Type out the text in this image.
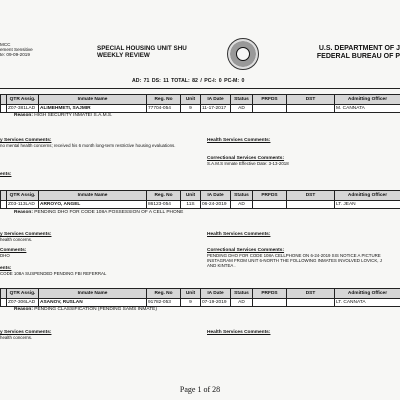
MCC
ement Sensitive
te: 09-09-2019
SPECIAL HOUSING UNIT SHU
WEEKLY REVIEW
U.S. DEPARTMENT OF J
FEDERAL BUREAU OF P
AD: 71 DS: 11 TOTAL: 82 / PC-I: 0 PC-M: 0
	QTR Assig.	Inmate Name	Reg. No	Unit	IA Date	Status	PRFDS	DST	Admitting Officer
	Z07-381LAD	ALIMEHMETI, SAJMIR	77704-054	9	11-17-2017	AD			M. CANNATA
Reason: HIGH SECURITY INMATE/ S.A.M.S.
y Services Comments:
no mental health concerns; received his 6 month long-term restrictive housing evaluations.
Health Services Comments:
Correctional Services Comments:
S.A.M.S Inmate Effective Date: 3-13-2018
ents:
	QTR Assig.	Inmate Name	Reg. No	Unit	IA Date	Status	PRFDS	DST	Admitting Officer
	Z03-113LAD	ARROYO, ANGEL	86123-054	11S	06-24-2019	AD			LT. JEAN
Reason: PENDING DHO FOR CODE 108A POSSESSION OF A CELL PHONE
y Services Comments:
health concerns.
Health Services Comments:
Comments:
DHO
Correctional Services Comments:
PENDING DHO FOR CODE 108A CELLPHONE ON 6-24-2019 SIS NOTICE A PICTURE
INSTAGRAM FROM UNIT 6-NORTH THE FOLLOWING INMATES INVOLVED LOVICK, J
AND KINTEA .
ents:
CODE 108A SUSPENDED PENDING FBI REFERRAL
	QTR Assig.	Inmate Name	Reg. No	Unit	IA Date	Status	PRFDS	DST	Admitting Officer
	Z07-306LAD	ASANOV, RUSLAN	91782-053	9	07-19-2019	AD			LT. CANNATA
Reason: PENDING CLASSIFICATION (PENDING SAMS INMATE)
y Services Comments:
health concerns.
Health Services Comments:
Page 1 of 28
